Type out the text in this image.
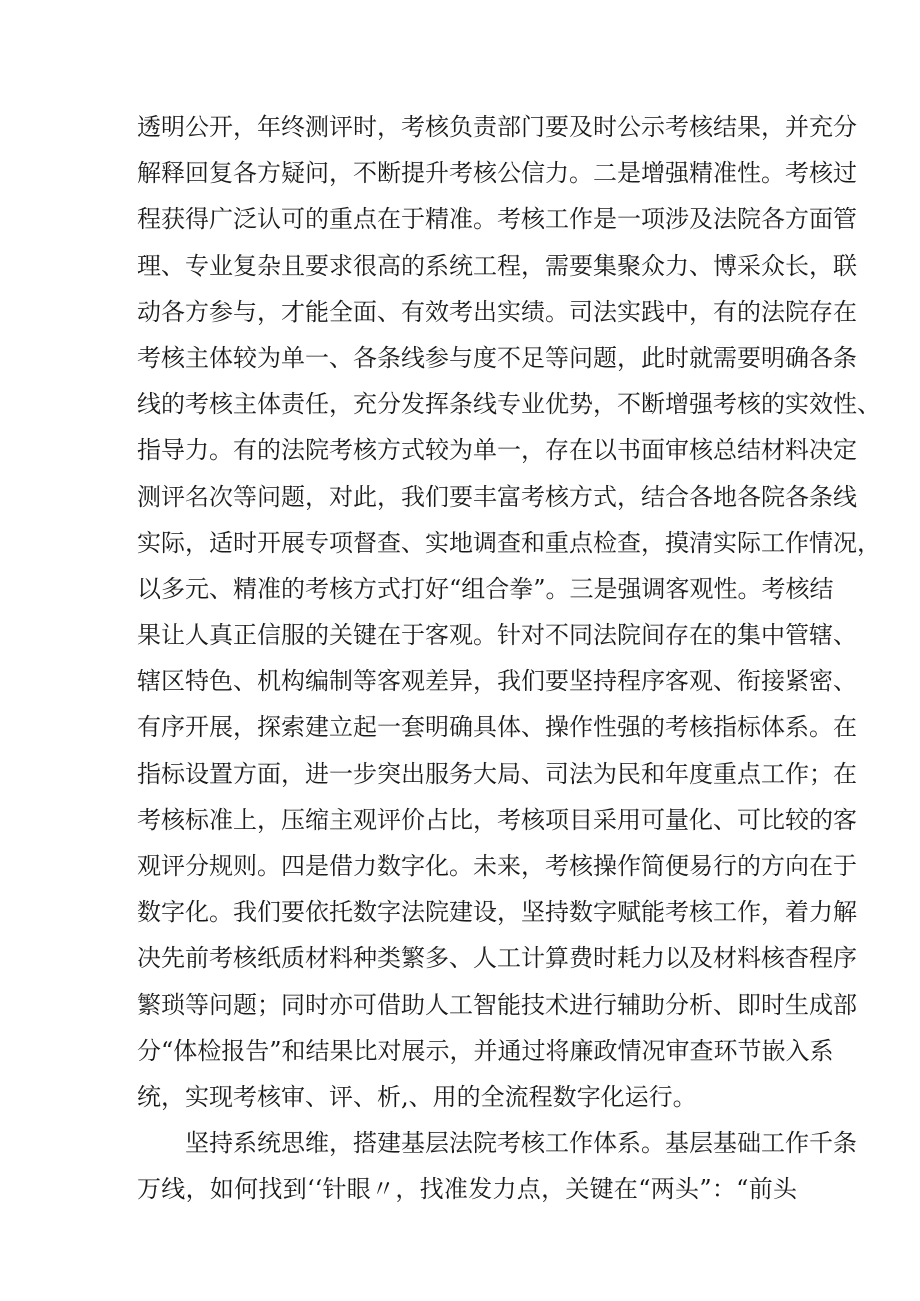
透明公开，年终测评时，考核负责部门要及时公示考核结果，并充分
解释回复各方疑问，不断提升考核公信力。二是增强精准性。考核过
程获得广泛认可的重点在于精准。考核工作是一项涉及法院各方面管
理、专业复杂且要求很高的系统工程，需要集聚众力、博采众长，联
动各方参与，才能全面、有效考出实绩。司法实践中，有的法院存在
考核主体较为单一、各条线参与度不足等问题，此时就需要明确各条
线的考核主体责任，充分发挥条线专业优势，不断增强考核的实效性、
指导力。有的法院考核方式较为单一，存在以书面审核总结材料决定
测评名次等问题，对此，我们要丰富考核方式，结合各地各院各条线
实际，适时开展专项督查、实地调查和重点检查，摸清实际工作情况，
以多元、精准的考核方式打好“组合拳”。三是强调客观性。考核结
果让人真正信服的关键在于客观。针对不同法院间存在的集中管辖、
辖区特色、机构编制等客观差异，我们要坚持程序客观、衔接紧密、
有序开展，探索建立起一套明确具体、操作性强的考核指标体系。在
指标设置方面，进一步突出服务大局、司法为民和年度重点工作；在
考核标准上，压缩主观评价占比，考核项目采用可量化、可比较的客
观评分规则。四是借力数字化。未来，考核操作简便易行的方向在于
数字化。我们要依托数字法院建设，坚持数字赋能考核工作，着力解
决先前考核纸质材料种类繁多、人工计算费时耗力以及材料核杳程序
繁琐等问题；同时亦可借助人工智能技术进行辅助分析、即时生成部
分“体检报告”和结果比对展示，并通过将廉政情况审查环节嵌入系
统，实现考核审、评、析,、用的全流程数字化运行。
坚持系统思维，搭建基层法院考核工作体系。基层基础工作千条
万线，如何找到‘‘针眼〃，找准发力点，关键在“两头”：“前头
